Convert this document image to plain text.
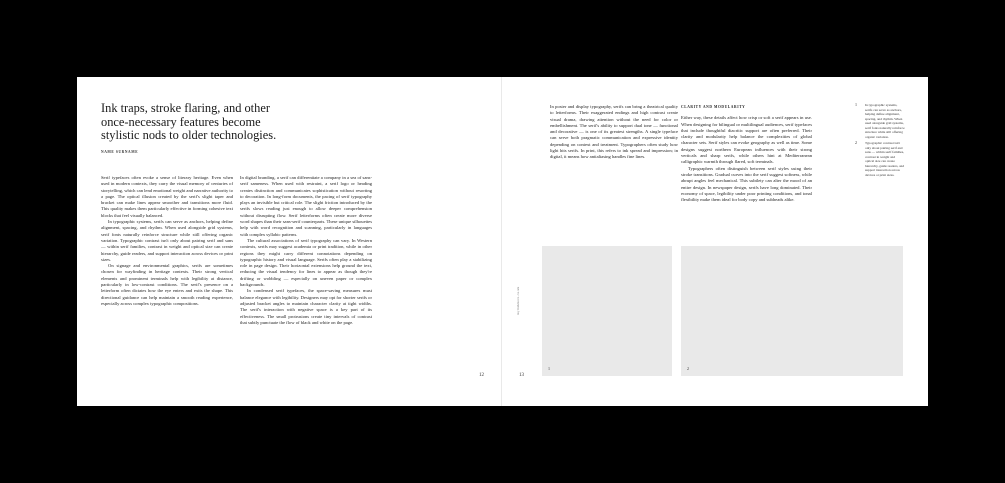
Ink traps, stroke flaring, and other once-necessary features become stylistic nods to older technologies.
NAME SURNAME

Serif typefaces often evoke a sense of literary heritage. Even when used in modern contexts, they carry the visual memory of centuries of storytelling, which can lend emotional weight and narrative authority to a page. The optical illusion created by the serif's slight taper and bracket can make lines appear smoother and transitions more fluid. This quality makes them particularly effective in forming cohesive text blocks that feel visually balanced.

In typographic systems, serifs can serve as anchors, helping define alignment, spacing, and rhythm. When used alongside grid systems, serif fonts naturally reinforce structure while still offering organic variation. Typographic contrast isn't only about pairing serif and sans — within serif families, contrast in weight and optical size can create hierarchy, guide readers, and support interaction across devices or print sizes.

On signage and environmental graphics, serifs are sometimes chosen for wayfinding in heritage contexts. Their strong vertical elements and prominent terminals help with legibility at distance, particularly in low-contrast conditions. The serif's presence on a letterform often dictates how the eye enters and exits the shape. This directional guidance can help maintain a smooth reading experience, especially across complex typographic compositions.

In digital branding, a serif can differentiate a company in a sea of sans-serif sameness. When used with restraint, a serif logo or heading creates distinction and communicates sophistication without resorting to decoration. In long-form documents, the pacing of serif typography plays an invisible but critical role. The slight friction introduced by the serifs slows reading just enough to allow deeper comprehension without disrupting flow. Serif letterforms often create more diverse word shapes than their sans-serif counterparts. These unique silhouettes help with word recognition and scanning, particularly in languages with complex syllabic patterns.

The cultural associations of serif typography can vary. In Western contexts, serifs may suggest academia or print tradition, while in other regions they might carry different connotations depending on typographic history and visual language. Serifs often play a stabilizing role in page design. Their horizontal extensions help ground the text, reducing the visual tendency for lines to appear as though they're drifting or wobbling — especially on uneven paper or complex backgrounds.

In condensed serif typefaces, the space-saving measures must balance elegance with legibility. Designers may opt for shorter serifs or adjusted bracket angles to maintain character clarity at tight widths. The serif's interaction with negative space is a key part of its effectiveness. The small protrusions create tiny intervals of contrast that subtly punctuate the flow of black and white on the page.

12
mylinkhere.co.uk

In poster and display typography, serifs can bring a theatrical quality to letterforms. Their exaggerated endings and high contrast create visual drama, drawing attention without the need for color or embellishment. The serif's ability to support dual tone — functional and decorative — is one of its greatest strengths. A single typeface can serve both pragmatic communication and expressive identity depending on context and treatment. Typographers often study how light hits serifs. In print, this refers to ink spread and impression; in digital, it means how antialiasing handles fine lines.

CLARITY AND MODULARITY

Either way, these details affect how crisp or soft a serif appears in use. When designing for bilingual or multilingual audiences, serif typefaces that include thoughtful diacritic support are often preferred. Their clarity and modularity help balance the complexities of global character sets. Serif styles can evoke geography as well as time. Some designs suggest northern European influences with their strong verticals and sharp serifs, while others hint at Mediterranean calligraphic warmth through flared, soft terminals.

Typographers often distinguish between serif styles using their stroke transitions. Gradual curves into the serif suggest softness, while abrupt angles feel mechanical. This subtlety can alter the mood of an entire design. In newspaper design, serifs have long dominated. Their economy of space, legibility under poor printing conditions, and tonal flexibility make them ideal for body copy and subheads alike.

1 In typographic systems, serifs can serve as anchors, helping define alignment, spacing, and rhythm. When used alongside grid systems, serif fonts naturally reinforce structure while still offering organic variation.
2 Typographic contrast isn't only about pairing serif and sans — within serif families, contrast in weight and optical size can create hierarchy, guide readers, and support interaction across devices or print sizes.
1	2
13
